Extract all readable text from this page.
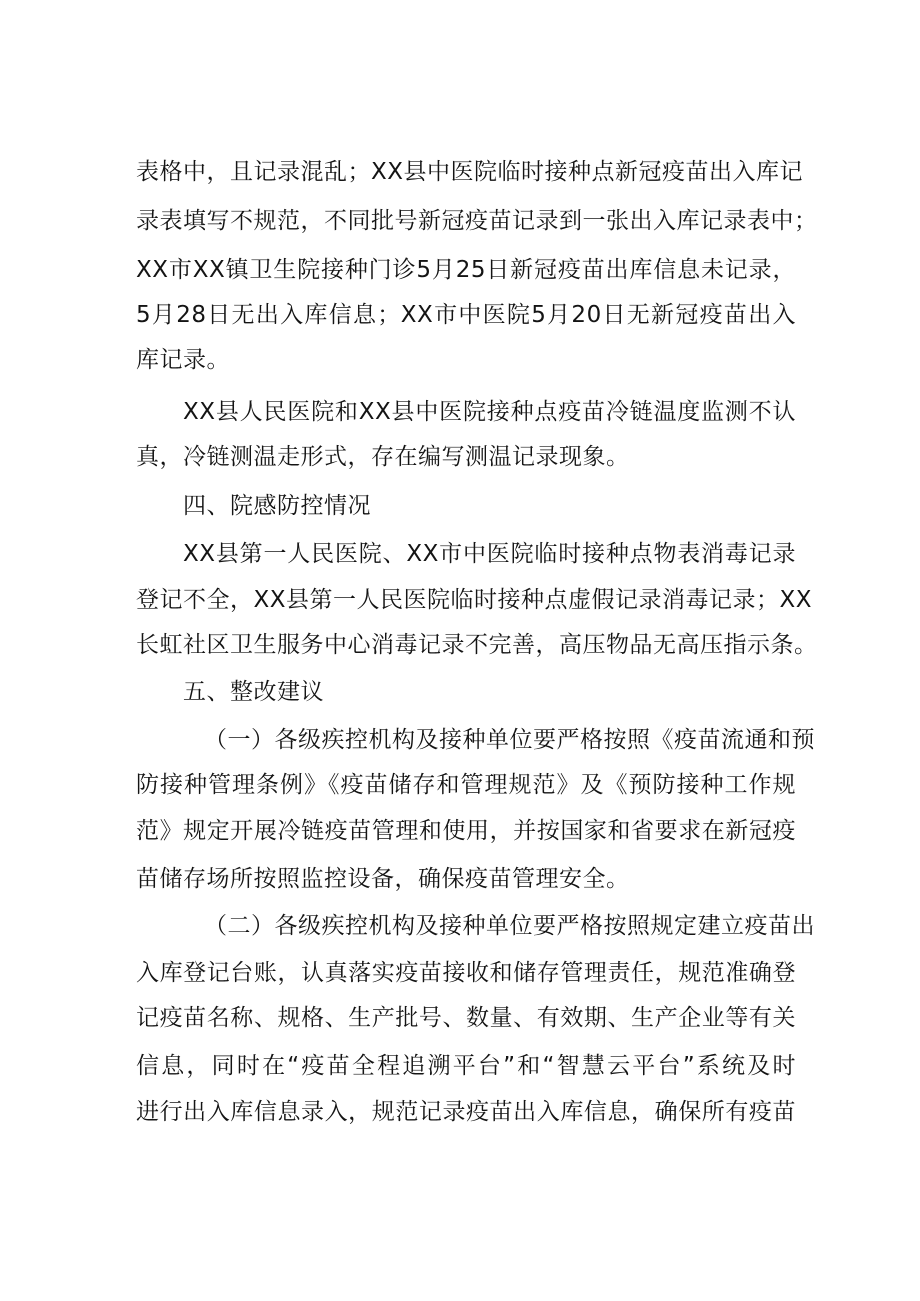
表格中，且记录混乱；XX县中医院临时接种点新冠疫苗出入库记
录表填写不规范，不同批号新冠疫苗记录到一张出入库记录表中；
XX市XX镇卫生院接种门诊5月25日新冠疫苗出库信息未记录，
5月28日无出入库信息；XX市中医院5月20日无新冠疫苗出入
库记录。
XX县人民医院和XX县中医院接种点疫苗冷链温度监测不认
真，冷链测温走形式，存在编写测温记录现象。
四、院感防控情况
XX县第一人民医院、XX市中医院临时接种点物表消毒记录
登记不全，XX县第一人民医院临时接种点虚假记录消毒记录；XX
长虹社区卫生服务中心消毒记录不完善，高压物品无高压指示条。
五、整改建议
（一）各级疾控机构及接种单位要严格按照《疫苗流通和预
防接种管理条例》《疫苗储存和管理规范》及《预防接种工作规
范》规定开展冷链疫苗管理和使用，并按国家和省要求在新冠疫
苗储存场所按照监控设备，确保疫苗管理安全。
（二）各级疾控机构及接种单位要严格按照规定建立疫苗出
入库登记台账，认真落实疫苗接收和储存管理责任，规范准确登
记疫苗名称、规格、生产批号、数量、有效期、生产企业等有关
信息，同时在“疫苗全程追溯平台”和“智慧云平台”系统及时
进行出入库信息录入，规范记录疫苗出入库信息，确保所有疫苗
